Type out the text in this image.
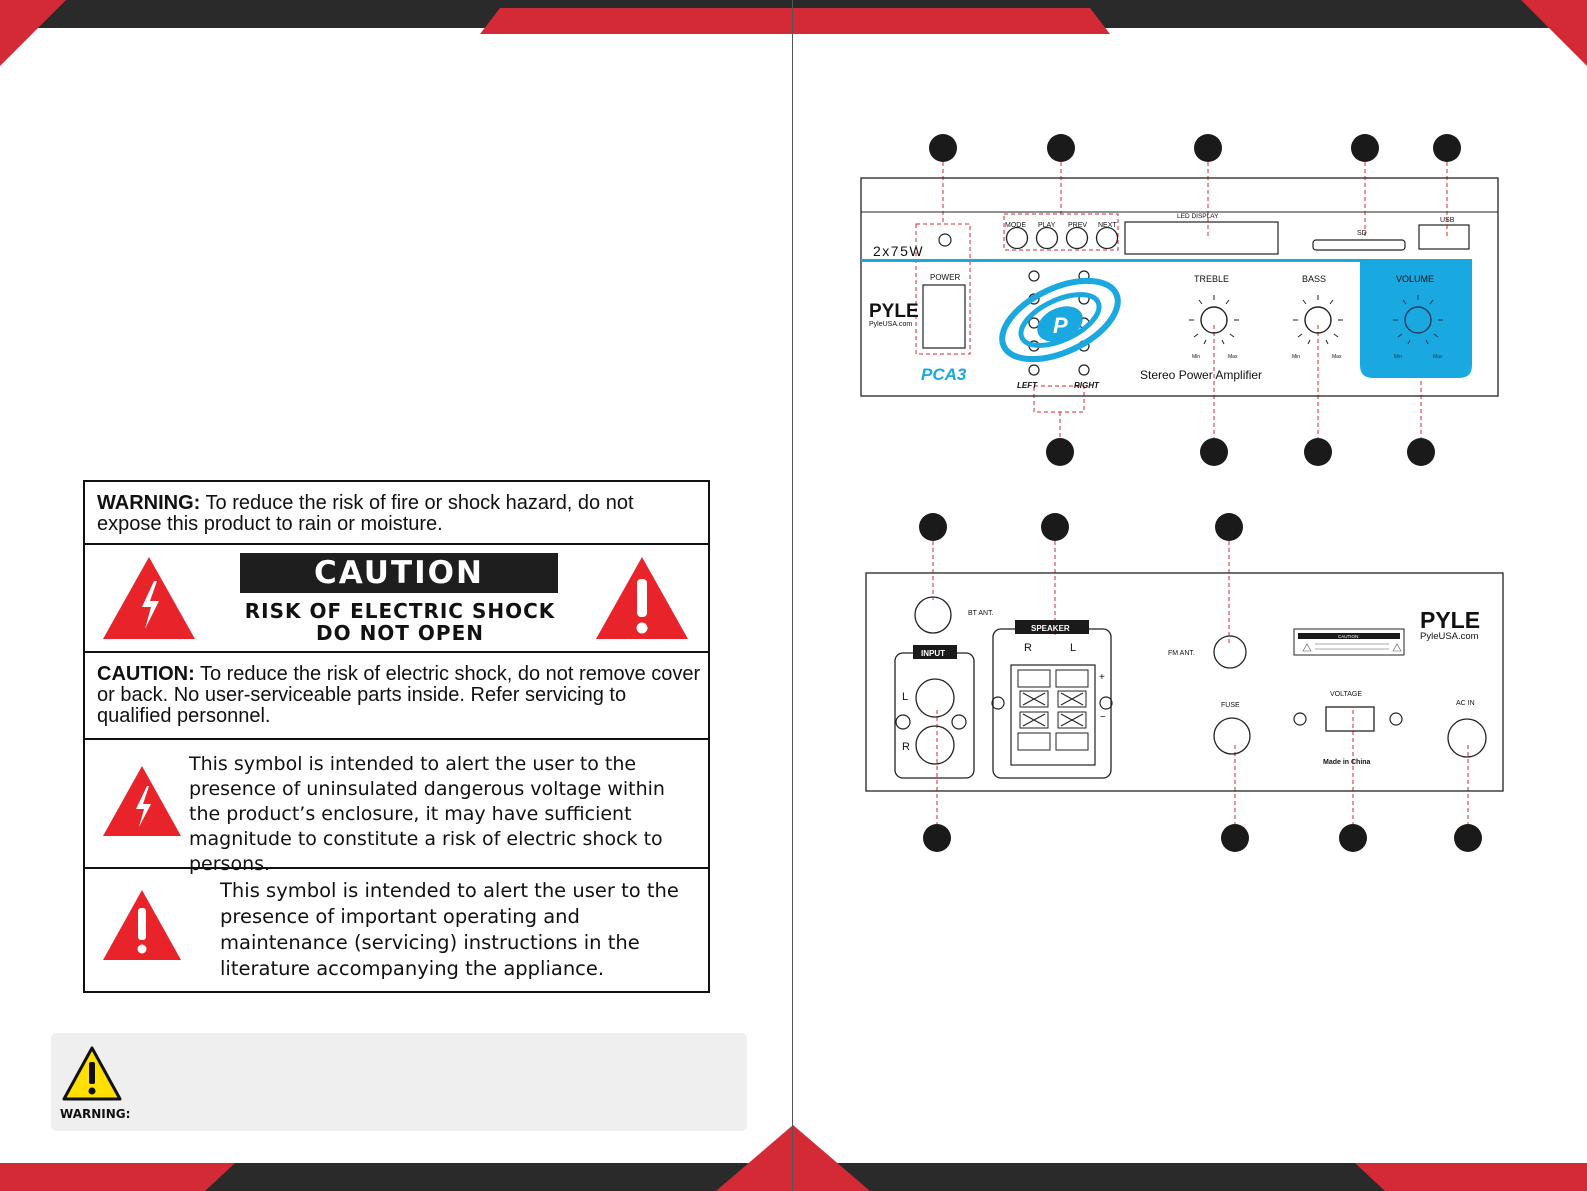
WARNING: To reduce the risk of fire or shock hazard, do not expose this product to rain or moisture.
CAUTION
RISK OF ELECTRIC SHOCK
DO NOT OPEN
CAUTION: To reduce the risk of electric shock, do not remove cover or back. No user-serviceable parts inside. Refer servicing to qualified personnel.
This symbol is intended to alert the user to the presence of uninsulated dangerous voltage within the product’s enclosure, it may have sufficient magnitude to constitute a risk of electric shock to persons.
This symbol is intended to alert the user to the presence of important operating and maintenance (servicing) instructions in the literature accompanying the appliance.
WARNING:
2x75W
POWER
MODE PLAY PREV NEXT
LED DISPLAY
SD
USB
PYLE
PyleUSA.com
PCA3
P
LEFT	RIGHT
TREBLE
Min	Max
BASS
Min	Max
VOLUME
Min	Max
Stereo Power Amplifier
BT ANT.
INPUT
L
R
SPEAKER
R	L
+
−
FM ANT.
FUSE
CAUTION:
VOLTAGE
Made in China
AC IN
PYLE
PyleUSA.com
